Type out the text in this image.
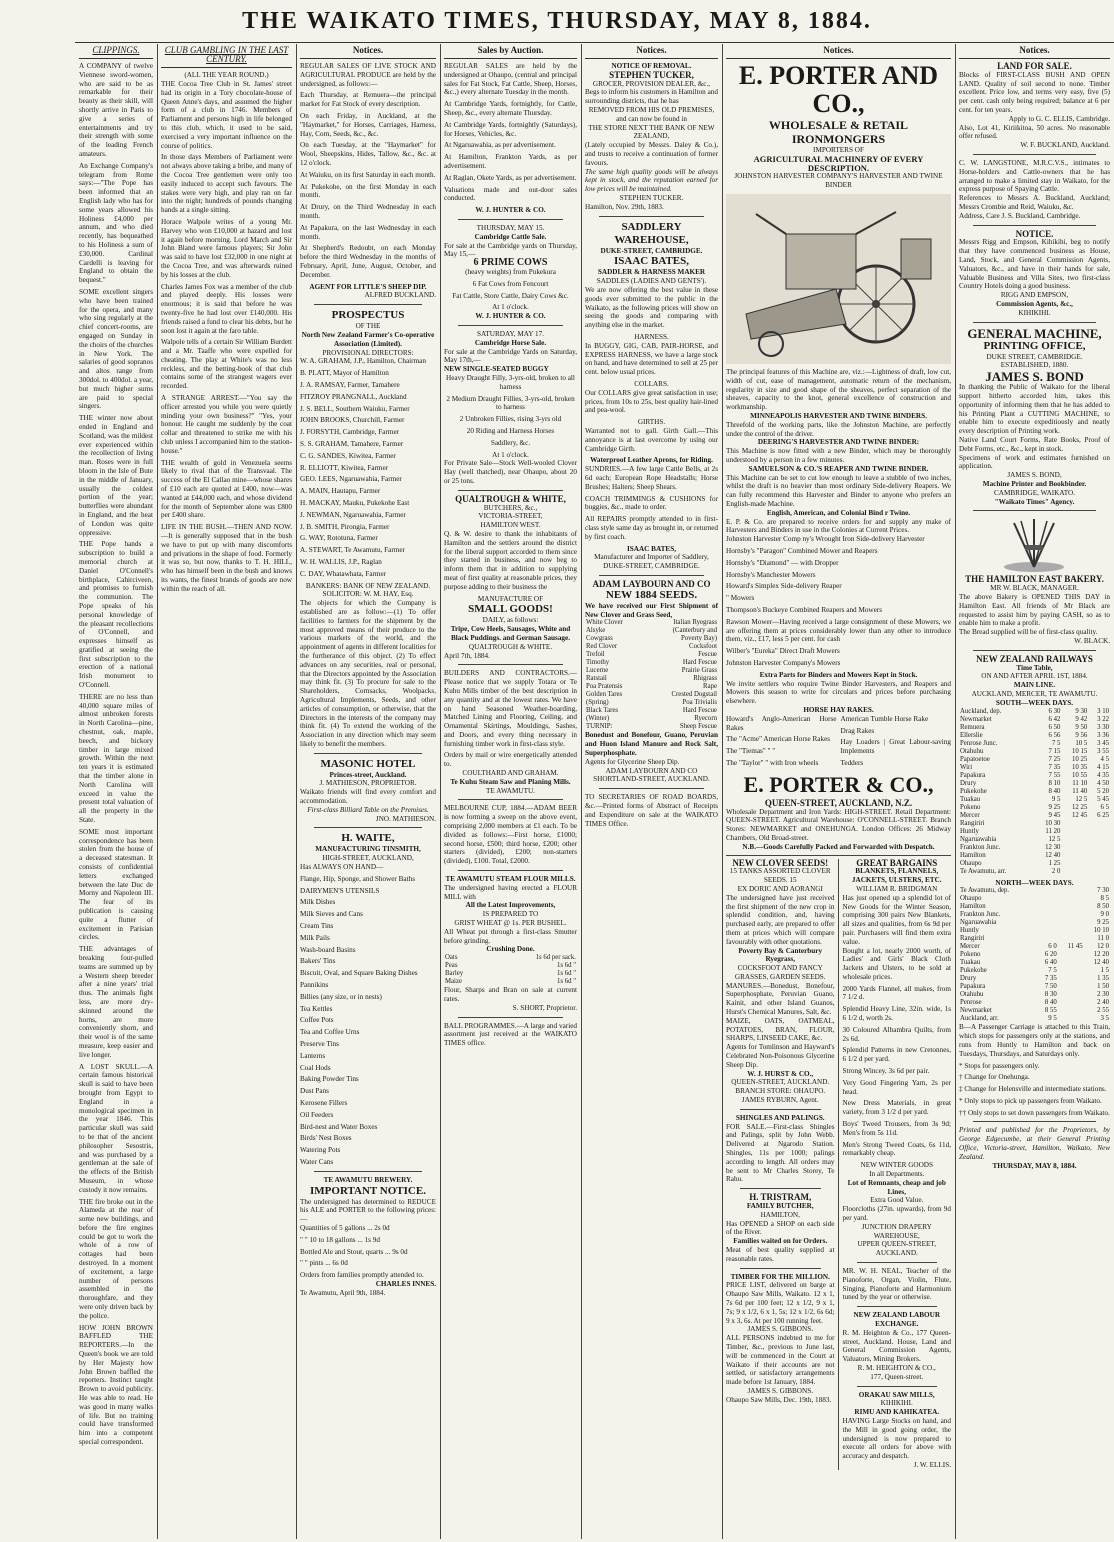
THE WAIKATO TIMES, THURSDAY, MAY 8, 1884.
CLIPPINGS.
A COMPANY of twelve Viennese sword-women, who are said to be as remarkable for their beauty as their skill, will shortly arrive in Paris to give a series of entertainments and try their strength with some of the leading French amateurs.
An Exchange Company's telegram from Rome says:—"The Pope has been informed that an English lady who has for some years allowed his Holiness £4,000 per annum, and who died recently, has bequeathed to his Holiness a sum of £30,000. Cardinal Cardelli is leaving for England to obtain the bequest."
SOME excellent singers who have been trained for the opera, and many who sing regularly at the chief concert-rooms, are engaged on Sunday in the choirs of the churches in New York. The salaries of good sopranos and altos range from 300dol. to 400dol. a year, but much higher sums are paid to special singers.
THE winter now about ended in England and Scotland, was the mildest ever experienced within the recollection of living man. Roses were in full bloom in the Isle of Bute in the middle of January, usually the coldest portion of the year; butterflies were abundant in England, and the heat of London was quite oppressive.
THE Pope hands a subscription to build a memorial church at Daniel O'Connell's birthplace, Cahirciveen, and promises to furnish the communion. The Pope speaks of his personal knowledge of the pleasant recollections of O'Connell, and expresses himself as gratified at seeing the first subscription to the erection of a national Irish monument to O'Connell.
THERE are no less than 40,000 square miles of almost unbroken forests in North Carolina—pine, chestnut, oak, maple, beech, and hickory timber in large mixed growth. Within the next ten years it is estimated that the timber alone in North Carolina will exceed in value the present total valuation of all the property in the State.
SOME most important correspondence has been stolen from the house of a deceased statesman. It consists of confidential letters exchanged between the late Duc de Morny and Napoleon III. The fear of its publication is causing quite a flutter of excitement in Parisian circles.
THE advantages of breaking four-pulled teams are summed up by a Western sheep breeder after a nine years' trial thus. The animals fight less, are more dry-skinned around the horns, are more conveniently shorn, and their wool is of the same measure, keep easier and live longer.
A LOST SKULL.—A certain famous historical skull is said to have been brought from Egypt to England in a monological specimen in the year 1846. This particular skull was said to be that of the ancient philosopher Sesostris, and was purchased by a gentleman at the sale of the effects of the British Museum, in whose custody it now remains.
THE fire broke out in the Alameda at the rear of some new buildings, and before the fire engines could be got to work the whole of a row of cottages had been destroyed. In a moment of excitement, a large number of persons assembled in the thoroughfare, and they were only driven back by the police.
HOW JOHN BROWN BAFFLED THE REPORTERS.—In the Queen's book we are told by Her Majesty how John Brown baffled the reporters. Instinct taught Brown to avoid publicity. He was able to read. He was good in many walks of life. But no training could have transformed him into a competent special correspondent.
CLUB GAMBLING IN THE LAST CENTURY.
(ALL THE YEAR ROUND.)
THE Cocoa Tree Club in St. James' street had its origin in a Tory chocolate-house of Queen Anne's days, and assumed the higher form of a club in 1746. Members of Parliament and persons high in life belonged to this club, which, it used to be said, exercised a very important influence on the course of politics.
In those days Members of Parliament were not always above taking a bribe, and many of the Cocoa Tree gentlemen were only too easily induced to accept such favours. The stakes were very high, and play ran on far into the night; hundreds of pounds changing hands at a single sitting.
Horace Walpole writes of a young Mr. Harvey who won £10,000 at hazard and lost it again before morning. Lord March and Sir John Bland were famous players; Sir John was said to have lost £32,000 in one night at the Cocoa Tree, and was afterwards ruined by his losses at the club.
Charles James Fox was a member of the club and played deeply. His losses were enormous; it is said that before he was twenty-five he had lost over £140,000. His friends raised a fund to clear his debts, but he soon lost it again at the faro table.
Walpole tells of a certain Sir William Burdett and a Mr. Taaffe who were expelled for cheating. The play at White's was no less reckless, and the betting-book of that club contains some of the strangest wagers ever recorded.
A STRANGE ARREST.—"You say the officer arrested you while you were quietly minding your own business?" "Yes, your honour. He caught me suddenly by the coat collar and threatened to strike me with his club unless I accompanied him to the station-house."
THE wealth of gold in Venezuela seems likely to rival that of the Transvaal. The success of the El Callao mine—whose shares of £10 each are quoted at £400, now—was wanted at £44,000 each, and whose dividend for the month of September alone was £800 per £400 share.
LIFE IN THE BUSH.—THEN AND NOW.—It is generally supposed that in the bush we have to put up with many discomforts and privations in the shape of food. Formerly it was so, but now, thanks to T. H. HILL, who has himself been in the bush and knows its wants, the finest brands of goods are now within the reach of all.
Notices.
REGULAR SALES OF LIVE STOCK AND AGRICULTURAL PRODUCE are held by the undersigned, as follows:—
Each Thursday, at Remuera—the principal market for Fat Stock of every description.
On each Friday, in Auckland, at the "Haymarket," for Horses, Carriages, Harness, Hay, Corn, Seeds, &c., &c.
On each Tuesday, at the "Haymarket" for Wool, Sheepskins, Hides, Tallow, &c., &c. at 12 o'clock.
At Waiuku, on its first Saturday in each month.
At Pukekohe, on the first Monday in each month.
At Drury, on the Third Wednesday in each month.
At Papakura, on the last Wednesday in each month.
At Shepherd's Redoubt, on each Monday before the third Wednesday in the months of February, April, June, August, October, and December.
AGENT FOR LITTLE'S SHEEP DIP.
ALFRED BUCKLAND.
PROSPECTUS
OF THE
North New Zealand Farmer's Co-operative Association (Limited).
PROVISIONAL DIRECTORS:
W. A. GRAHAM, J.P., Hamilton, Chairman
B. PLATT, Mayor of Hamilton
J. A. RAMSAY, Farmer, Tamahere
FITZROY PRANGNALL, Auckland
J. S. BELL, Southern Waiuku, Farmer
JOHN BROOKS, Churchill, Farmer
J. FORSYTH, Cambridge, Farmer
S. S. GRAHAM, Tamahere, Farmer
C. G. SANDES, Kiwitea, Farmer
R. ELLIOTT, Kiwitea, Farmer
GEO. LEES, Ngaruawahia, Farmer
A. MAIN, Hautapu, Farmer
H. MACKAY, Mauku, Pukekohe East
J. NEWMAN, Ngaruawahia, Farmer
J. B. SMITH, Pirongia, Farmer
G. WAY, Rototuna, Farmer
A. STEWART, Te Awamutu, Farmer
W. H. WALLIS, J.P., Raglan
C. DAY, Whatawhata, Farmer
BANKERS: BANK OF NEW ZEALAND.
SOLICITOR: W. M. HAY, Esq.
The objects for which the Company is established are as follow:—(1) To offer facilities to farmers for the shipment by the most approved means of their produce to the various markets of the world, and the appointment of agents in different localities for the furtherance of this object. (2) To effect advances on any securities, real or personal, that the Directors appointed by the Association may think fit. (3) To procure for sale to the Shareholders, Cornsacks, Woolpacks, Agricultural Implements, Seeds, and other articles of consumption, or otherwise, that the Directors in the interests of the company may think fit. (4) To extend the working of the Association in any direction which may seem likely to benefit the members.
MASONIC HOTEL
Princes-street, Auckland.
J. MATHIESON, PROPRIETOR.
Waikato friends will find every comfort and accommodation.
First-class Billiard Table on the Premises.
JNO. MATHIESON.
H. WAITE,
MANUFACTURING TINSMITH,
HIGH-STREET, AUCKLAND,
Has ALWAYS ON HAND—
Flange, Hip, Sponge, and Shower Baths
DAIRYMEN'S UTENSILS
Milk Dishes
Milk Sieves and Cans
Cream Tins
Milk Pails
Wash-board Basins
Bakers' Tins
Biscuit, Oval, and Square Baking Dishes
Pannikins
Billies (any size, or in nests)
Tea Kettles
Coffee Pots
Tea and Coffee Urns
Preserve Tins
Lanterns
Coal Hods
Baking Powder Tins
Dust Pans
Kerosene Fillers
Oil Feeders
Bird-nest and Water Boxes
Birds' Nest Boxes
Watering Pots
Water Cans
TE AWAMUTU BREWERY.
IMPORTANT NOTICE.
The undersigned has determined to REDUCE his ALE and PORTER to the following prices:—
Quantities of 5 gallons ... 2s 0d
" " 10 to 18 gallons ... 1s 9d
Bottled Ale and Stout, quarts ... 9s 0d
" " pints ... 6s 0d
Orders from families promptly attended to.
CHARLES INNES.
Te Awamutu, April 9th, 1884.
Sales by Auction.
REGULAR SALES are held by the undersigned at Ohaupo, (central and principal sales for Fat Stock, Fat Cattle, Sheep, Horses, &c.,) every alternate Tuesday in the month.
At Cambridge Yards, fortnightly, for Cattle, Sheep, &c., every alternate Thursday.
At Cambridge Yards, fortnightly (Saturdays), for Horses, Vehicles, &c.
At Ngaruawahia, as per advertisement.
At Hamilton, Frankton Yards, as per advertisement.
At Raglan, Okete Yards, as per advertisement.
Valuations made and out-door sales conducted.
W. J. HUNTER & CO.
THURSDAY, MAY 15.
Cambridge Cattle Sale.
For sale at the Cambridge yards on Thursday, May 15,—
6 PRIME COWS
(heavy weights) from Pukekura
6 Fat Cows from Fencourt
Fat Cattle, Store Cattle, Dairy Cows &c.
At 1 o'clock.
W. J. HUNTER & CO.
SATURDAY, MAY 17.
Cambridge Horse Sale.
For sale at the Cambridge Yards on Saturday, May 17th,—
NEW SINGLE-SEATED BUGGY
Heavy Draught Filly, 3-yrs-old, broken to all harness
2 Medium Draught Fillies, 3-yrs-old, broken to harness
2 Unbroken Fillies, rising 3-yrs old
20 Riding and Harness Horses
Saddlery, &c.
At 1 o'clock.
For Private Sale—Stock Well-wooled Clover Hay (well thatched), near Ohaupo, about 20 or 25 tons.
QUALTROUGH & WHITE,
BUTCHERS, &c.,
VICTORIA-STREET,
HAMILTON WEST.
Q. & W. desire to thank the inhabitants of Hamilton and the settlers around the district for the liberal support accorded to them since they started in business, and now beg to inform them that in addition to supplying meat of first quality at reasonable prices, they purpose adding to their business the
MANUFACTURE OF
SMALL GOODS!
DAILY, as follows:
Tripe, Cow Heels, Sausages, White and Black Puddings. and German Sausage.
QUALTROUGH & WHITE.
April 7th, 1884.
BUILDERS AND CONTRACTORS.—Please notice that we supply Totara or Te Kuhu Mills timber of the best description in any quantity and at the lowest rates. We have on hand Seasoned Weather-boarding, Matched Lining and Flooring, Ceiling, and Ornamental Skirtings, Mouldings, Sashes, and Doors, and every thing necessary in furnishing timber work in first-class style.
Orders by mail or wire energetically attended to.
COULTHARD AND GRAHAM.
Te Kuhu Steam Saw and Planing Mills.
TE AWAMUTU.
MELBOURNE CUP, 1884.—ADAM BEER is now forming a sweep on the above event, comprising 2,000 members at £1 each. To be divided as follows:—First horse, £1000; second horse, £500; third horse, £200; other starters (divided), £200; non-starters (divided), £100. Total, £2000.
TE AWAMUTU STEAM FLOUR MILLS.
The undersigned having erected a FLOUR MILL with
All the Latest Improvements,
IS PREPARED TO
GRIST WHEAT @ 1s. PER BUSHEL.
All Wheat put through a first-class Smutter before grinding.
Crushing Done.
Oats	1s 6d per sack.
Peas	1s 6d "
Barley	1s 6d "
Maize	1s 6d "
Flour, Sharps and Bran on sale at current rates.
S. SHORT, Proprietor.
BALL PROGRAMMES.—A large and varied assortment just received at the WAIKATO TIMES office.
Notices.
NOTICE OF REMOVAL.
STEPHEN TUCKER,
GROCER, PROVISION DEALER, &c.,
Begs to inform his customers in Hamilton and surrounding districts, that he has
REMOVED FROM HIS OLD PREMISES, and can now be found in
THE STORE NEXT THE BANK OF NEW ZEALAND,
(Lately occupied by Messrs. Daley & Co.), and trusts to receive a continuation of former favours.
The same high quality goods will be always kept in stock, and the reputation earned for low prices will be maintained.
STEPHEN TUCKER.
Hamilton, Nov. 29th, 1883.
SADDLERY WAREHOUSE,
DUKE-STREET, CAMBRIDGE.
ISAAC BATES,
SADDLER & HARNESS MAKER
SADDLES (LADIES AND GENTS').
We are now offering the best value in these goods ever submitted to the public in the Waikato, as the following prices will show on seeing the goods and comparing with anything else in the market.
HARNESS.
In BUGGY, GIG, CAB, PAIR-HORSE, and EXPRESS HARNESS, we have a large stock on hand, and have determined to sell at 25 per cent. below usual prices.
COLLARS.
Our COLLARS give great satisfaction in use; prices, from 10s to 25s, best quality hair-lined and pea-wool.
GIRTHS.
Warranted not to gall. Girth Gall.—This annoyance is at last overcome by using our Cambridge Girth.
Waterproof Leather Aprons, for Riding.
SUNDRIES.—A few large Cattle Bells, at 2s 6d each; European Rope Headstalls; Horse Brushes; Halters; Sheep Shears.
COACH TRIMMINGS & CUSHIONS for buggies, &c., made to order.
All REPAIRS promptly attended to in first-class style same day as brought in, or returned by first coach.
ISAAC BATES,
Manufacturer and Importer of Saddlery,
DUKE-STREET, CAMBRIDGE.
ADAM LAYBOURN AND CO
NEW 1884 SEEDS.
We have received our First Shipment of New Clover and Grass Seed,
White Clover	Italian Ryegrass
Alsyke	(Canterbury and
Cowgrass	Poverty Bay)
Red Clover	Cocksfoot
Trefoil	Fescue
Timothy	Hard Fescue
Lucerne	Prairie Grass
Ratstail	Rhigrass
Poa Pratensis	Rape
Golden Tares	Crested Dogstail
(Spring)	Poa Trivialis
Black Tares	Hard Fescue
(Winter)	Ryecorn
TURNIP:	Sheep Fescue
Bonedust and Bonefour, Guano, Peruvian and Huon Island Manure and Rock Salt, Superphosphate.
Agents for Glycerine Sheep Dip.
ADAM LAYBOURN AND CO
SHORTLAND-STREET, AUCKLAND.
TO SECRETARIES OF ROAD BOARDS, &c.—Printed forms of Abstract of Receipts and Expenditure on sale at the WAIKATO TIMES Office.
Notices.
E. PORTER AND CO.,
WHOLESALE & RETAIL IRONMONGERS
IMPORTERS OF
AGRICULTURAL MACHINERY OF EVERY DESCRIPTION.
JOHNSTON HARVESTER COMPANY'S HARVESTER AND TWINE BINDER
The principal features of this Machine are, viz.:—Lightness of draft, low cut, width of cut, ease of management, automatic return of the mechanism, regularity in size and good shape of the sheaves, perfect separation of the sheaves, capacity to the knot, general excellence of construction and workmanship.
MINNEAPOLIS HARVESTER AND TWINE BINDERS.
Threefold of the working parts, like the Johnston Machine, are perfectly under the control of the driver.
DEERING'S HARVESTER AND TWINE BINDER:
This Machine is now fitted with a new Binder, which may be thoroughly understood by a person in a few minutes.
SAMUELSON & CO.'S REAPER AND TWINE BINDER.
This Machine can be set to cut low enough to leave a stubble of two inches, whilst the draft is no heavier than most ordinary Side-delivery Reapers. We can fully recommend this Harvester and Binder to anyone who prefers an English-made Machine.
English, American, and Colonial Bind r Twine.
E. P. & Co. are prepared to receive orders for and supply any make of Harvesters and Binders in use in the Colonies at Current Prices.
Johnston Harvester Comp ny's Wrought Iron Side-delivery Harvester
Hornsby's "Paragon" Combined Mower and Reapers
Hornsby's "Diamond" — with Dropper
Hornsby's Manchester Mowers
Howard's Simplex Side-delivery Reaper
" Mowers
Thompson's Buckeye Combined Reapers and Mowers
Rawson Mower—Having received a large consignment of these Mowers, we are offering them at prices considerably lower than any other to introduce them, viz., £17, less 5 per cent. for cash
Wilber's "Eureka" Direct Draft Mowers
Johnston Harvester Company's Mowers
Extra Parts for Binders and Mowers Kept in Stock.
We invite settlers who require Twine Binder Harvesters, and Reapers and Mowers this season to write for circulars and prices before purchasing elsewhere.
HORSE HAY RAKES.
Howard's Anglo-American Horse Rakes
The "Acme" American Horse Rakes
The "Tiemas" " "
The "Taylor" " with Iron wheels
American Tumble Horse Rake
Drag Rakes
Hay Loaders | Great Labour-saving Implements
Tedders
E. PORTER & CO.,
QUEEN-STREET, AUCKLAND, N.Z.
Wholesale Department and Iron Yards: HIGH-STREET. Retail Department: QUEEN-STREET. Agricultural Warehouse: O'CONNELL-STREET. Branch Stores: NEWMARKET and ONEHUNGA. London Offices: 26 Midway Chambers, Old Broad-street.
N.B.—Goods Carefully Packed and Forwarded with Despatch.
NEW CLOVER SEEDS!
15 TANKS ASSORTED CLOVER SEEDS. 15
EX DORIC AND AORANGI
The undersigned have just received the first shipment of the new crop in splendid condition, and, having purchased early, are prepared to offer them at prices which will compare favourably with other quotations.
Poverty Bay & Canterbury Ryegrass,
COCKSFOOT AND FANCY GRASSES, GARDEN SEEDS.
MANURES.—Bonedust, Bonefour, Superphosphate, Peruvian Guano, Kainit, and other Island Guanos, Hurst's Chemical Manures, Salt, &c.
MAIZE, OATS, OATMEAL, POTATOES, BRAN, FLOUR, SHARPS, LINSEED CAKE, &c.
Agents for Tomlinson and Hayward's Celebrated Non-Poisonous Glycerine Sheep Dip.
W. J. HURST & CO.,
QUEEN-STREET, AUCKLAND.
BRANCH STORE: OHAUPO. JAMES RYBURN, Agent.
SHINGLES AND PALINGS.
FOR SALE.—First-class Shingles and Palings, split by John Webb. Delivered at Ngarodo Station. Shingles, 11s per 1000; palings according to length. All orders may be sent to Mr Charles Storey, Te Rahu.
H. TRISTRAM,
FAMILY BUTCHER,
HAMILTON,
Has OPENED a SHOP on each side of the River.
Families waited on for Orders.
Meat of best quality supplied at reasonable rates.
TIMBER FOR THE MILLION.
PRICE LIST, delivered on barge at Ohaupo Saw Mills, Waikato. 12 x 1, 7s 6d per 100 feet; 12 x 1/2, 9 x 1, 7s; 9 x 1/2, 6 x 1, 5s; 12 x 1/2, 6s 6d; 9 x 3, 6s. At per 100 running feet.
JAMES S. GIBBONS.
ALL PERSONS indebted to me for Timber, &c., previous to June last, will be commenced in the Court at Waikato if their accounts are not settled, or satisfactory arrangements made before 1st January, 1884.
JAMES S. GIBBONS.
Ohaupo Saw Mills, Dec. 19th, 1883.
GREAT BARGAINS
BLANKETS, FLANNELS, JACKETS, ULSTERS, ETC.
WILLIAM R. BRIDGMAN
Has just opened up a splendid lot of New Goods for the Winter Season, comprising 300 pairs New Blankets, all sizes and qualities, from 6s 9d per pair. Purchasers will find them extra value.
Bought a lot, nearly 2000 worth, of Ladies' and Girls' Black Cloth Jackets and Ulsters, to be sold at wholesale prices.
2000 Yards Flannel, all makes, from 7 1/2 d.
Splendid Heavy Line, 32in. wide, 1s 6 1/2 d, worth 2s.
30 Coloured Albambra Quilts, from 2s 6d.
Splendid Patterns in new Cretonnes, 6 1/2 d per yard.
Strong Wincey, 3s 6d per pair.
Very Good Fingering Yarn, 2s per head.
New Dress Materials, in great variety, from 3 1/2 d per yard.
Boys' Tweed Trousers, from 3s 9d; Men's from 5s 11d.
Men's Strong Tweed Coats, 6s 11d, remarkably cheap.
NEW WINTER GOODS
In all Departments.
Lot of Remnants, cheap and job Lines,
Extra Good Value.
Floorcloths (27in. upwards), from 9d per yard.
JUNCTION DRAPERY WAREHOUSE,
UPPER QUEEN-STREET, AUCKLAND.
MR. W. H. NEAL, Teacher of the Pianoforte, Organ, Violin, Flute, Singing, Pianoforte and Harmonium tuned by the year or otherwise.
NEW ZEALAND LABOUR EXCHANGE.
R. M. Heighton & Co., 177 Queen-street, Auckland. House, Land and General Commission Agents, Valuators, Mining Brokers.
R. M. HEIGHTON & CO.,
177, Queen-street.
ORAKAU SAW MILLS,
KIHIKIHI.
RIMU AND KAHIKATEA.
HAVING Large Stocks on hand, and the Mill in good going order, the undersigned is now prepared to execute all orders for above with accuracy and despatch.
J. W. ELLIS.
Notices.
LAND FOR SALE.
Blocks of FIRST-CLASS BUSH AND OPEN LAND. Quality of soil second to none. Timber excellent. Price low, and terms very easy, five (5) per cent. cash only being required; balance at 6 per cent. for ten years.
Apply to G. C. ELLIS, Cambridge.
Also, Lot 41, Kiriikitoa, 50 acres. No reasonable offer refused.
W. F. BUCKLAND, Auckland.
C. W. LANGSTONE, M.R.C.V.S., intimates to Horse-holders and Cattle-owners that he has arranged to make a limited stay in Waikato, for the express purpose of Spaying Cattle.
References to Messrs A. Buckland, Auckland; Messrs Crombie and Reid, Waiuku, &c.
Address, Care J. S. Buckland, Cambridge.
NOTICE.
Messrs Rigg and Empson, Kihikihi, beg to notify that they have commenced business as House, Land, Stock, and General Commission Agents, Valuators, &c., and have in their hands for sale, Valuable Business and Villa Sites, two first-class Country Hotels doing a good business.
RIGG AND EMPSON,
Commission Agents, &c.,
KIHIKIHI.
GENERAL MACHINE,
PRINTING OFFICE,
DUKE STREET, CAMBRIDGE.
ESTABLISHED, 1880.
JAMES S. BOND
In thanking the Public of Waikato for the liberal support hitherto accorded him, takes this opportunity of informing them that he has added to his Printing Plant a CUTTING MACHINE, to enable him to execute expeditiously and neatly every description of Printing work.
Native Land Court Forms, Rate Books, Proof of Debt Forms, etc., &c., kept in stock.
Specimens of work and estimates furnished on application.
JAMES S. BOND,
Machine Printer and Bookbinder.
CAMBRIDGE, WAIKATO.
"Waikato Times" Agency.
THE HAMILTON EAST BAKERY.
MR W. BLACK, MANAGER.
The above Bakery is OPENED THIS DAY in Hamilton East. All friends of Mr Black are requested to assist him by paying CASH, so as to enable him to make a profit.
The Bread supplied will be of first-class quality.
W. BLACK.
NEW ZEALAND RAILWAYS
Time Table,
ON AND AFTER APRIL 1ST, 1884.
MAIN LINE.
AUCKLAND, MERCER, TE AWAMUTU.
SOUTH—WEEK DAYS.
Auckland, dep.	6 30	9 30	3 10
Newmarket	6 42	9 42	3 22
Remuera	6 50	9 50	3 30
Ellerslie	6 56	9 56	3 36
Penrose Junc.	7 5	10 5	3 45
Otahuhu	7 15	10 15	3 55
Papatoetoe	7 25	10 25	4 5
Wiri	7 35	10 35	4 15
Papakura	7 55	10 55	4 35
Drury	8 10	11 10	4 50
Pukekohe	8 40	11 40	5 20
Tuakau	9 5	12 5	5 45
Pokeno	9 25	12 25	6 5
Mercer	9 45	12 45	6 25
Rangiriri	10 30		
Huntly	11 20		
Ngaruawahia	12 5		
Frankton Junc.	12 30		
Hamilton	12 40		
Ohaupo	1 25		
Te Awamutu, arr.	2 0		
NORTH—WEEK DAYS.
Te Awamutu, dep.			7 30
Ohaupo			8 5
Hamilton			8 50
Frankton Junc.			9 0
Ngaruawahia			9 25
Huntly			10 10
Rangiriri			11 0
Mercer	6 0	11 45	12 0
Pokeno	6 20		12 20
Tuakau	6 40		12 40
Pukekohe	7 5		1 5
Drury	7 35		1 35
Papakura	7 50		1 50
Otahuhu	8 30		2 30
Penrose	8 40		2 40
Newmarket	8 55		2 55
Auckland, arr.	9 5		3 5
B—A Passenger Carriage is attached to this Train, which stops for passengers only at the stations, and runs from Huntly to Hamilton and back on Tuesdays, Thursdays, and Saturdays only.
* Stops for passengers only.
† Change for Onehunga.
‡ Change for Helensville and intermediate stations.
* Only stops to pick up passengers from Waikato.
†† Only stops to set down passengers from Waikato.
Printed and published for the Proprietors, by George Edgecumbe, at their General Printing Office, Victoria-street, Hamilton, Waikato, New Zealand.
THURSDAY, MAY 8, 1884.
